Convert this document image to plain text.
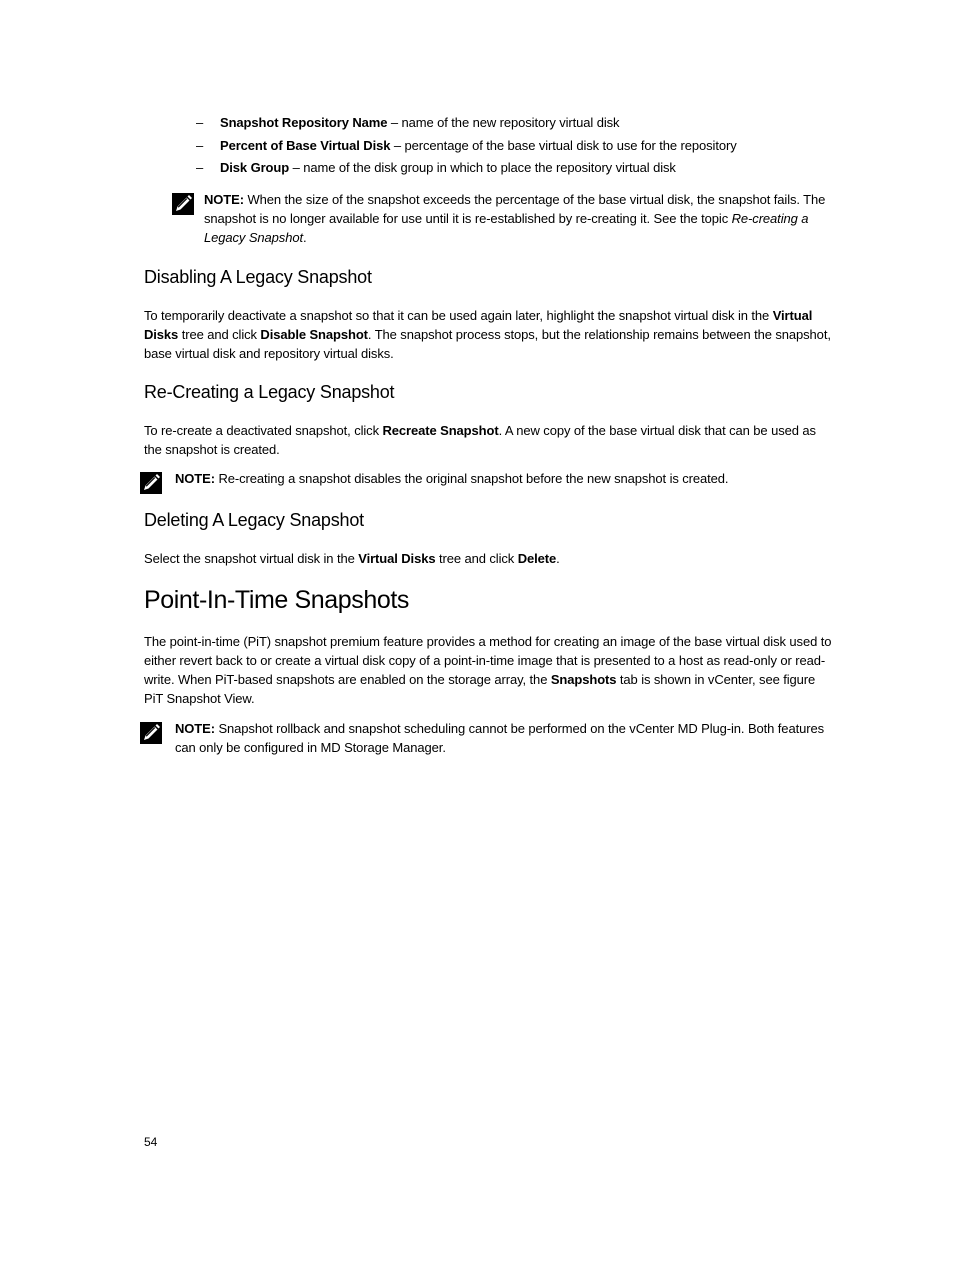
– Snapshot Repository Name – name of the new repository virtual disk
– Percent of Base Virtual Disk – percentage of the base virtual disk to use for the repository
– Disk Group – name of the disk group in which to place the repository virtual disk
NOTE: When the size of the snapshot exceeds the percentage of the base virtual disk, the snapshot fails. The snapshot is no longer available for use until it is re-established by re-creating it. See the topic Re-creating a Legacy Snapshot.
Disabling A Legacy Snapshot
To temporarily deactivate a snapshot so that it can be used again later, highlight the snapshot virtual disk in the Virtual Disks tree and click Disable Snapshot. The snapshot process stops, but the relationship remains between the snapshot, base virtual disk and repository virtual disks.
Re-Creating a Legacy Snapshot
To re-create a deactivated snapshot, click Recreate Snapshot. A new copy of the base virtual disk that can be used as the snapshot is created.
NOTE: Re-creating a snapshot disables the original snapshot before the new snapshot is created.
Deleting A Legacy Snapshot
Select the snapshot virtual disk in the Virtual Disks tree and click Delete.
Point-In-Time Snapshots
The point-in-time (PiT) snapshot premium feature provides a method for creating an image of the base virtual disk used to either revert back to or create a virtual disk copy of a point-in-time image that is presented to a host as read-only or read-write. When PiT-based snapshots are enabled on the storage array, the Snapshots tab is shown in vCenter, see figure PiT Snapshot View.
NOTE: Snapshot rollback and snapshot scheduling cannot be performed on the vCenter MD Plug-in. Both features can only be configured in MD Storage Manager.
54
